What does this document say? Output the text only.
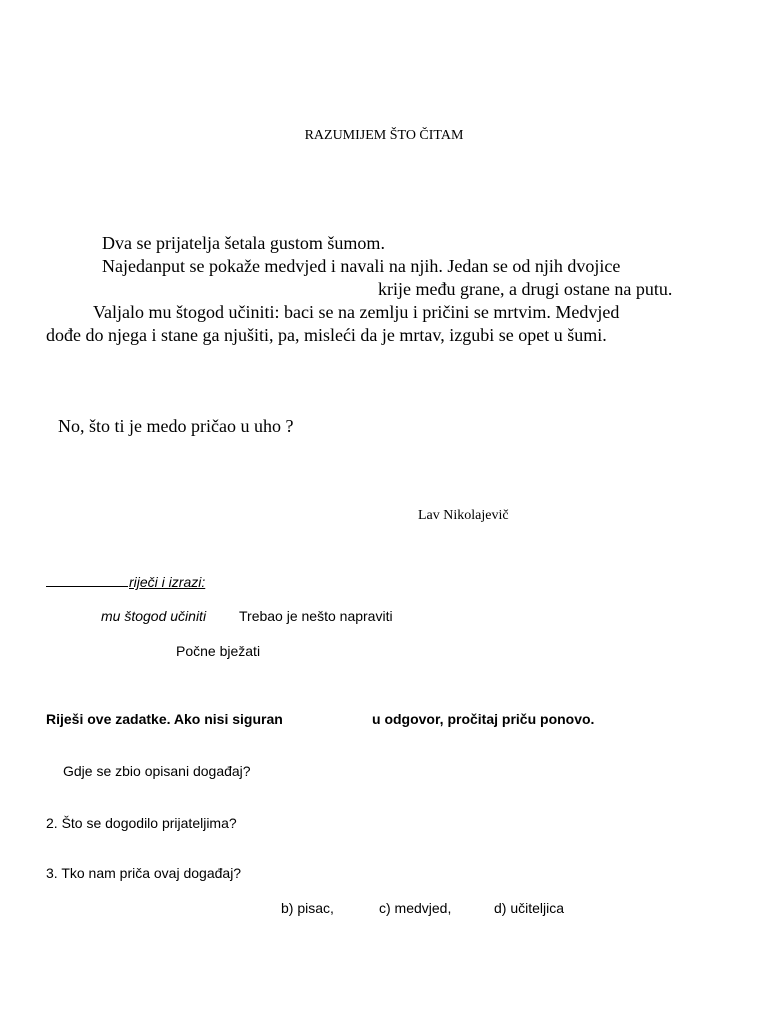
RAZUMIJEM ŠTO ČITAM
Dva se prijatelja šetala gustom šumom.
Najedanput se pokaže medvjed i navali na njih. Jedan se od njih dvojice
krije među grane, a drugi ostane na putu.
Valjalo mu štogod učiniti: baci se na zemlju i pričini se mrtvim. Medvjed
dođe do njega i stane ga njušiti, pa, misleći da je mrtav, izgubi se opet u šumi.
No, što ti je medo pričao u uho ?
Lav Nikolajevič
riječi i izrazi:
mu štogod učiniti Trebao je nešto napraviti
Počne bježati
Riješi ove zadatke. Ako nisi siguran	u odgovor, pročitaj priču ponovo.
Gdje se zbio opisani događaj?
2. Što se dogodilo prijateljima?
3. Tko nam priča ovaj događaj?
b) pisac,	c) medvjed,	d) učiteljica
